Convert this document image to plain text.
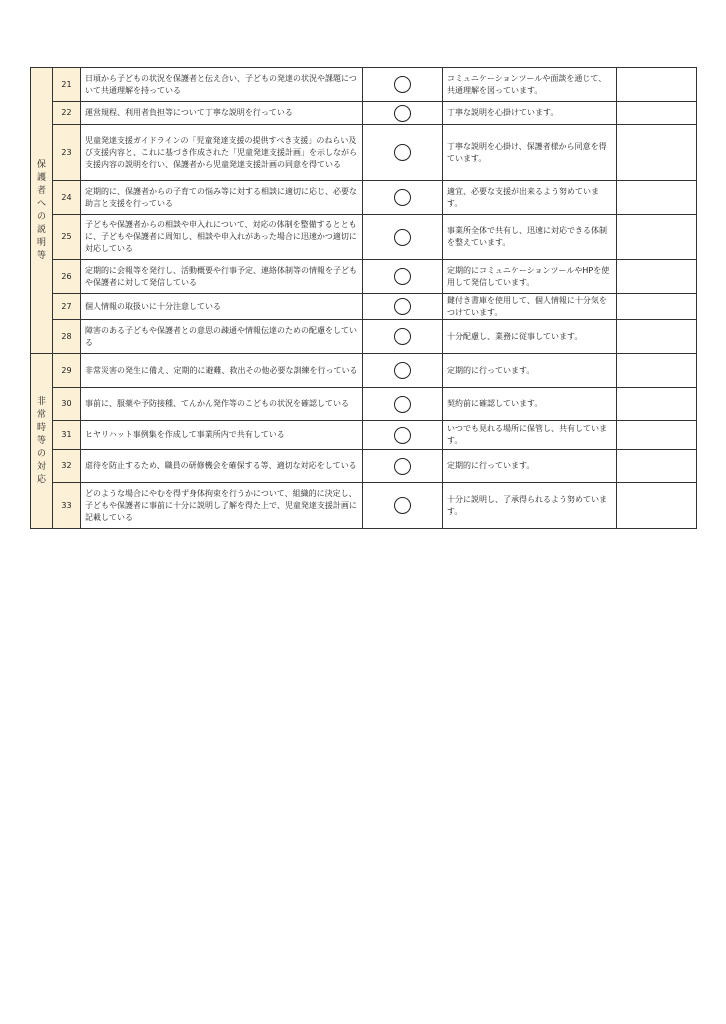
保護者への説明等	21	日頃から子どもの状況を保護者と伝え合い、子どもの発達の状況や課題について共通理解を持っている		コミュニケーションツールや面談を通じて、共通理解を図っています。	
	22	運営規程、利用者負担等について丁寧な説明を行っている		丁寧な説明を心掛けています。	
	23	児童発達支援ガイドラインの「児童発達支援の提供すべき支援」のねらい及び支援内容と、これに基づき作成された「児童発達支援計画」を示しながら支援内容の説明を行い、保護者から児童発達支援計画の同意を得ている		丁寧な説明を心掛け、保護者様から同意を得ています。	
	24	定期的に、保護者からの子育ての悩み等に対する相談に適切に応じ、必要な助言と支援を行っている		適宜、必要な支援が出来るよう努めています。	
	25	子どもや保護者からの相談や申入れについて、対応の体制を整備するとともに、子どもや保護者に周知し、相談や申入れがあった場合に迅速かつ適切に対応している		事業所全体で共有し、迅速に対応できる体制を整えています。	
	26	定期的に会報等を発行し、活動概要や行事予定、連絡体制等の情報を子どもや保護者に対して発信している		定期的にコミュニケーションツールやHPを使用して発信しています。	
	27	個人情報の取扱いに十分注意している		鍵付き書庫を使用して、個人情報に十分気をつけています。	
	28	障害のある子どもや保護者との意思の疎通や情報伝達のための配慮をしている		十分配慮し、業務に従事しています。	
非常時等の対応	29	非常災害の発生に備え、定期的に避難、救出その他必要な訓練を行っている		定期的に行っています。	
	30	事前に、服薬や予防接種、てんかん発作等のこどもの状況を確認している		契約前に確認しています。	
	31	ヒヤリハット事例集を作成して事業所内で共有している		いつでも見れる場所に保管し、共有しています。	
	32	虐待を防止するため、職員の研修機会を確保する等、適切な対応をしている		定期的に行っています。	
	33	どのような場合にやむを得ず身体拘束を行うかについて、組織的に決定し、子どもや保護者に事前に十分に説明し了解を得た上で、児童発達支援計画に記載している		十分に説明し、了承得られるよう努めています。	
